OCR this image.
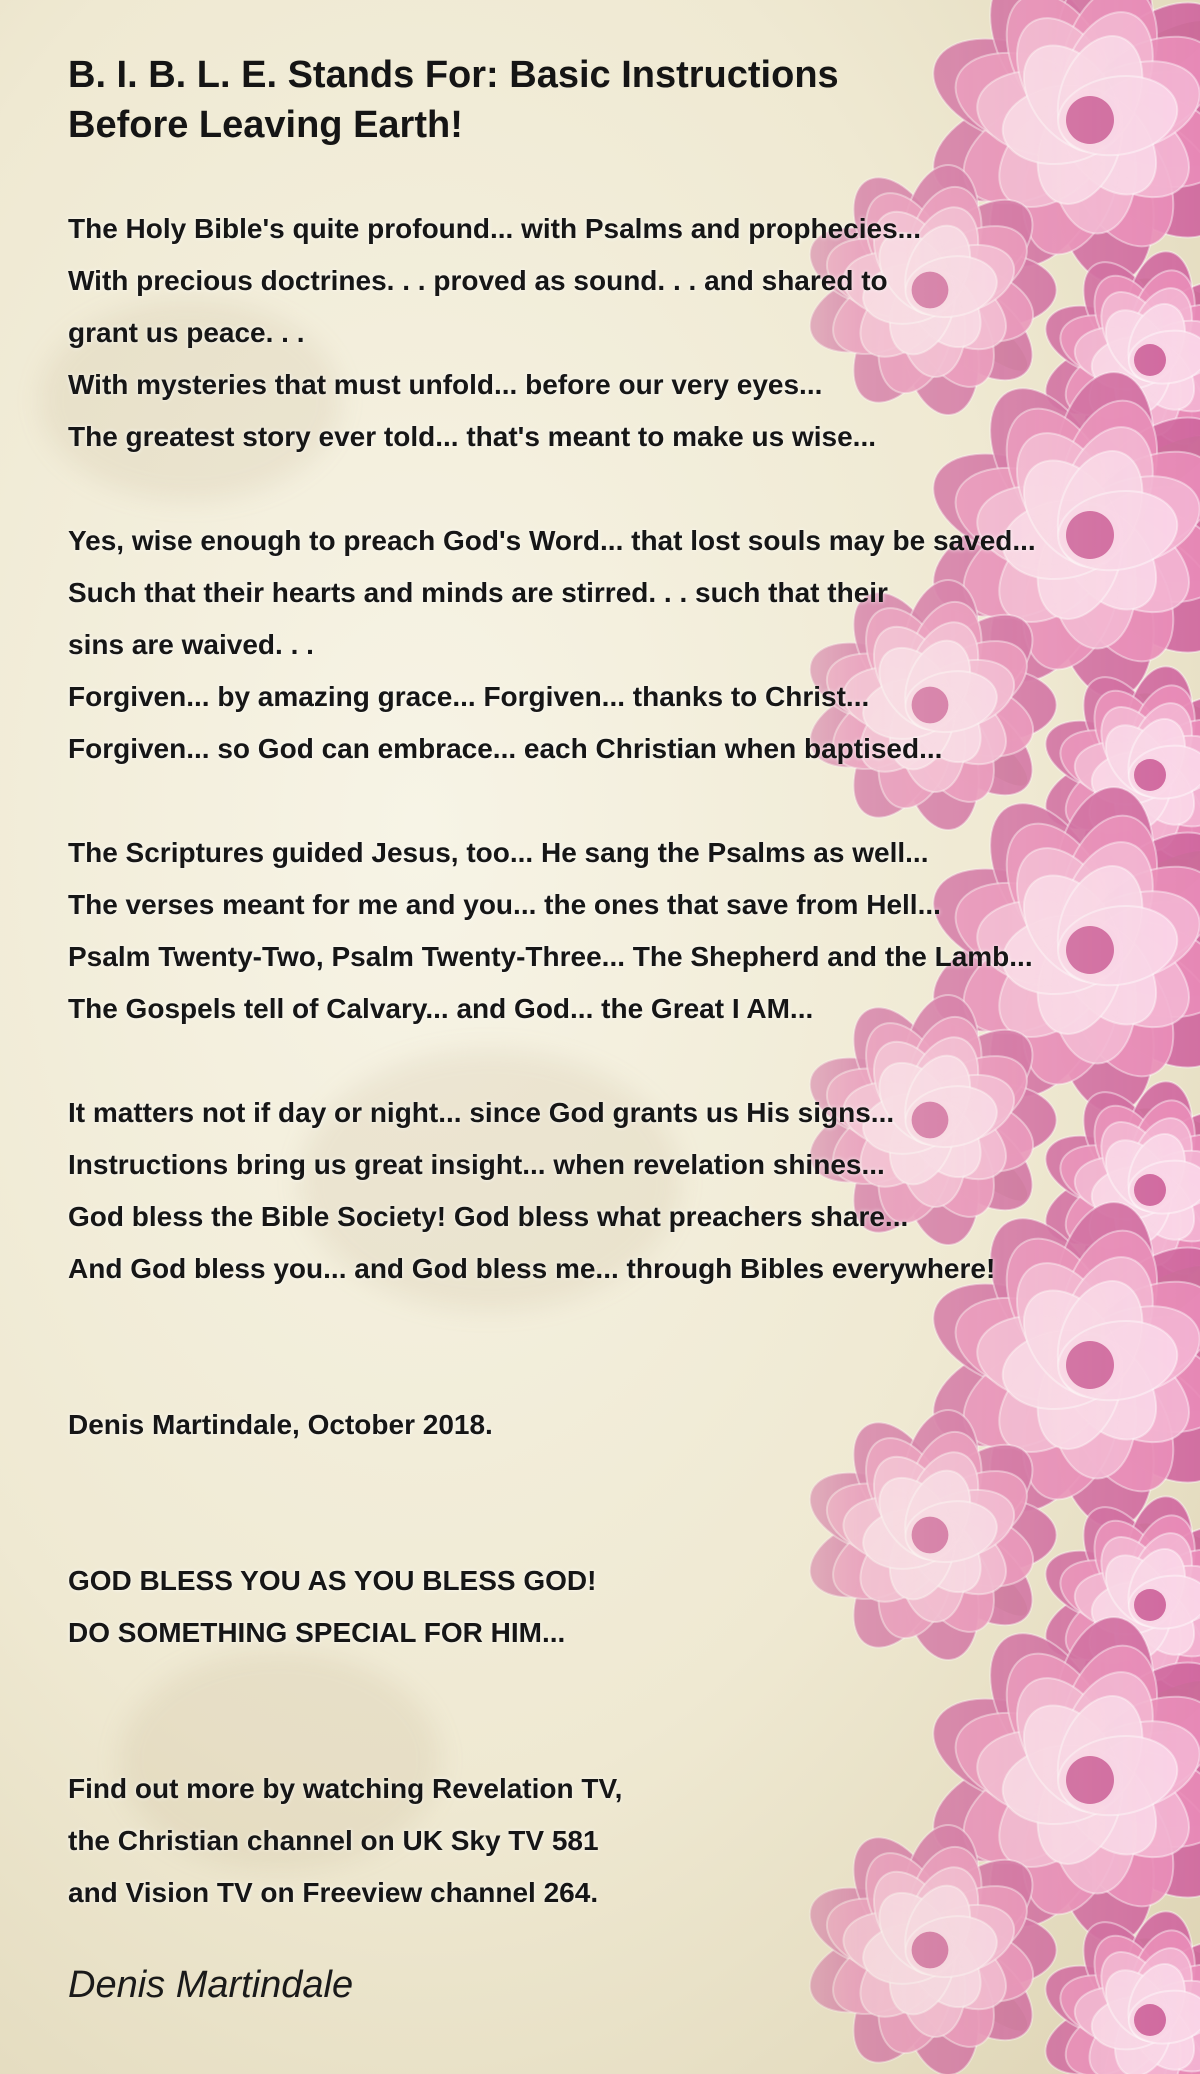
B. I. B. L. E. Stands For: Basic Instructions
Before Leaving Earth!
The Holy Bible's quite profound... with Psalms and prophecies...
With precious doctrines. . . proved as sound. . . and shared to
grant us peace. . .
With mysteries that must unfold... before our very eyes...
The greatest story ever told... that's meant to make us wise...
Yes, wise enough to preach God's Word... that lost souls may be saved...
Such that their hearts and minds are stirred. . . such that their
sins are waived. . .
Forgiven... by amazing grace... Forgiven... thanks to Christ...
Forgiven... so God can embrace... each Christian when baptised...
The Scriptures guided Jesus, too... He sang the Psalms as well...
The verses meant for me and you... the ones that save from Hell...
Psalm Twenty-Two, Psalm Twenty-Three... The Shepherd and the Lamb...
The Gospels tell of Calvary... and God... the Great I AM...
It matters not if day or night... since God grants us His signs...
Instructions bring us great insight... when revelation shines...
God bless the Bible Society! God bless what preachers share...
And God bless you... and God bless me... through Bibles everywhere!
Denis Martindale, October 2018.
GOD BLESS YOU AS YOU BLESS GOD!
DO SOMETHING SPECIAL FOR HIM...
Find out more by watching Revelation TV,
the Christian channel on UK Sky TV 581
and Vision TV on Freeview channel 264.
Denis Martindale
